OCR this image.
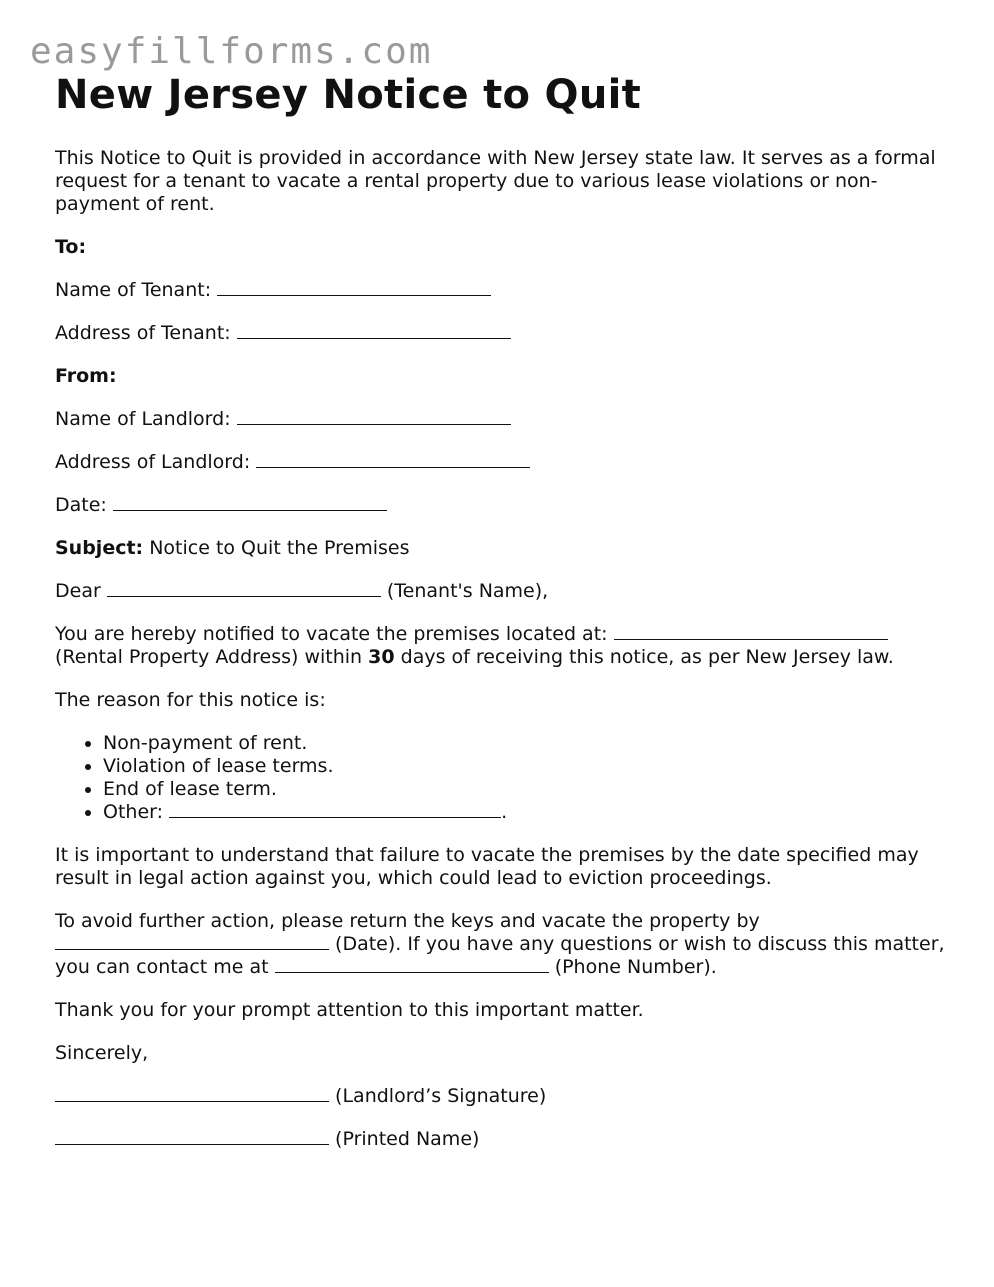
easyfillforms.com
New Jersey Notice to Quit

This Notice to Quit is provided in accordance with New Jersey state law. It serves as a formal request for a tenant to vacate a rental property due to various lease violations or non-payment of rent.

To:

Name of Tenant:

Address of Tenant:

From:

Name of Landlord:

Address of Landlord:

Date:

Subject: Notice to Quit the Premises

Dear	(Tenant's Name),

You are hereby notified to vacate the premises located at:  (Rental Property Address) within 30 days of receiving this notice, as per New Jersey law.

The reason for this notice is:

• Non-payment of rent.
• Violation of lease terms.
• End of lease term.
• Other:	.

It is important to understand that failure to vacate the premises by the date specified may result in legal action against you, which could lead to eviction proceedings.

To avoid further action, please return the keys and vacate the property by  (Date). If you have any questions or wish to discuss this matter, you can contact me at	(Phone Number).

Thank you for your prompt attention to this important matter.

Sincerely,

(Landlord’s Signature)

(Printed Name)
